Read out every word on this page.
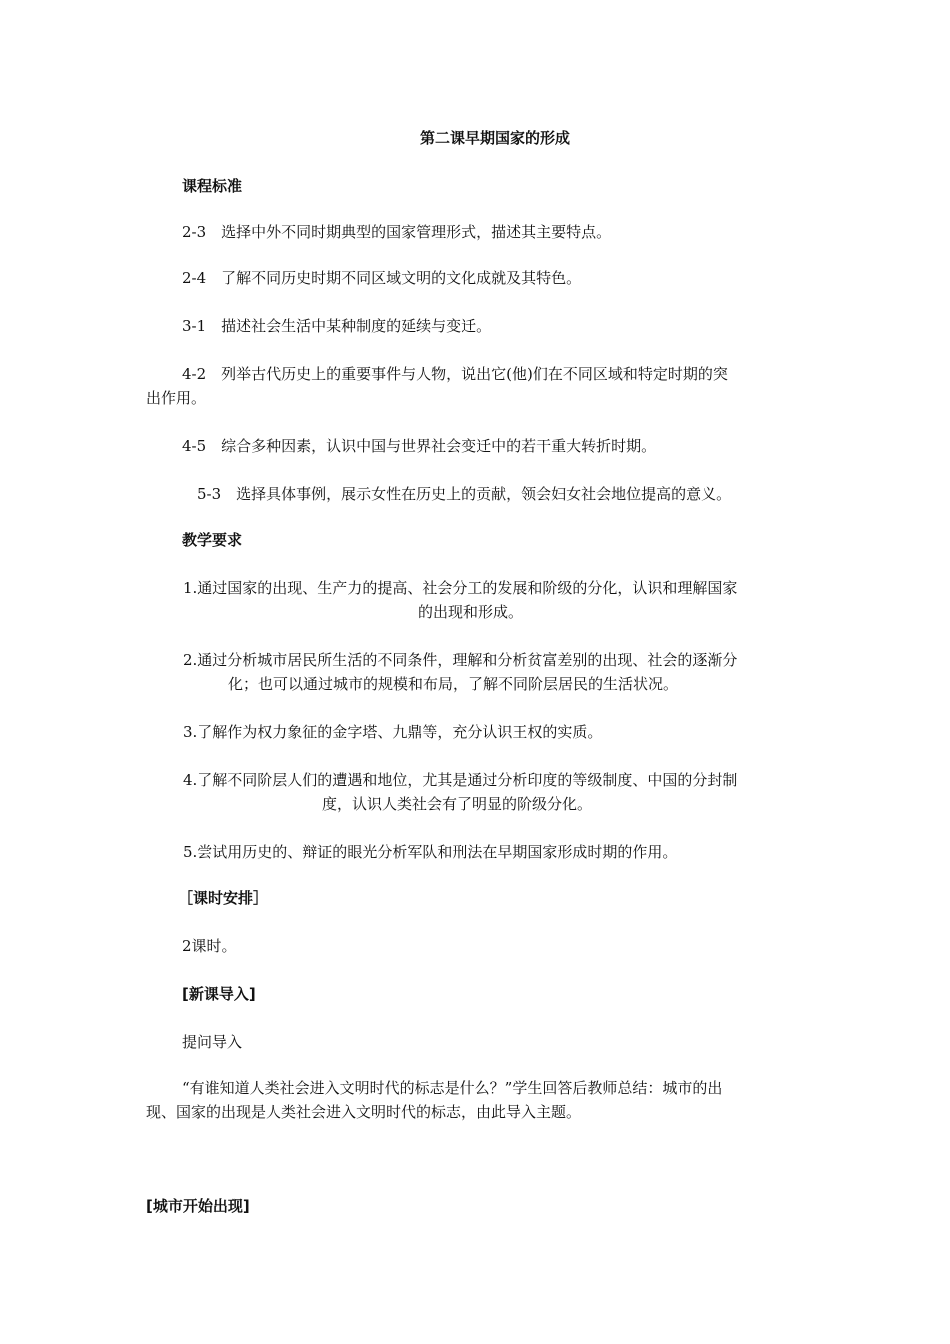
第二课早期国家的形成
课程标准
2-3　选择中外不同时期典型的国家管理形式，描述其主要特点。
2-4　了解不同历史时期不同区域文明的文化成就及其特色。
3-1　描述社会生活中某种制度的延续与变迁。
4-2　列举古代历史上的重要事件与人物，说出它(他)们在不同区域和特定时期的突
出作用。
4-5　综合多种因素，认识中国与世界社会变迁中的若干重大转折时期。
5-3　选择具体事例，展示女性在历史上的贡献，领会妇女社会地位提高的意义。
教学要求
1.通过国家的出现、生产力的提高、社会分工的发展和阶级的分化，认识和理解国家
的出现和形成。
2.通过分析城市居民所生活的不同条件，理解和分析贫富差别的出现、社会的逐渐分
化；也可以通过城市的规模和布局，了解不同阶层居民的生活状况。
3.了解作为权力象征的金字塔、九鼎等，充分认识王权的实质。
4.了解不同阶层人们的遭遇和地位，尤其是通过分析印度的等级制度、中国的分封制
度，认识人类社会有了明显的阶级分化。
5.尝试用历史的、辩证的眼光分析军队和刑法在早期国家形成时期的作用。
［课时安排］
2课时。
[新课导入]
提问导入
“有谁知道人类社会进入文明时代的标志是什么？”学生回答后教师总结：城市的出
现、国家的出现是人类社会进入文明时代的标志，由此导入主题。
[城市开始出现]
